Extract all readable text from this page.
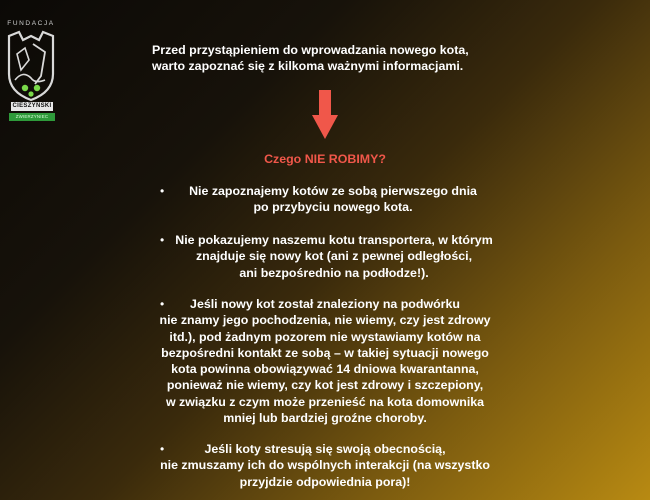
FUNDACJA
CIESZYŃSKI
ZWIERZYNIEC
Przed przystąpieniem do wprowadzania nowego kota,
warto zapoznać się z kilkoma ważnymi informacjami.
Czego NIE ROBIMY?
•	Nie zapoznajemy kotów ze sobą pierwszego dnia
po przybyciu nowego kota.
• Nie pokazujemy naszemu kotu transportera, w którym
znajduje się nowy kot (ani z pewnej odległości,
ani bezpośrednio na podłodze!).
•	Jeśli nowy kot został znaleziony na podwórku
nie znamy jego pochodzenia, nie wiemy, czy jest zdrowy
itd.), pod żadnym pozorem nie wystawiamy kotów na
bezpośredni kontakt ze sobą – w takiej sytuacji nowego
kota powinna obowiązywać 14 dniowa kwarantanna,
ponieważ nie wiemy, czy kot jest zdrowy i szczepiony,
w związku z czym może przenieść na kota domownika
mniej lub bardziej groźne choroby.
•	Jeśli koty stresują się swoją obecnością,
nie zmuszamy ich do wspólnych interakcji (na wszystko
przyjdzie odpowiednia pora)!
